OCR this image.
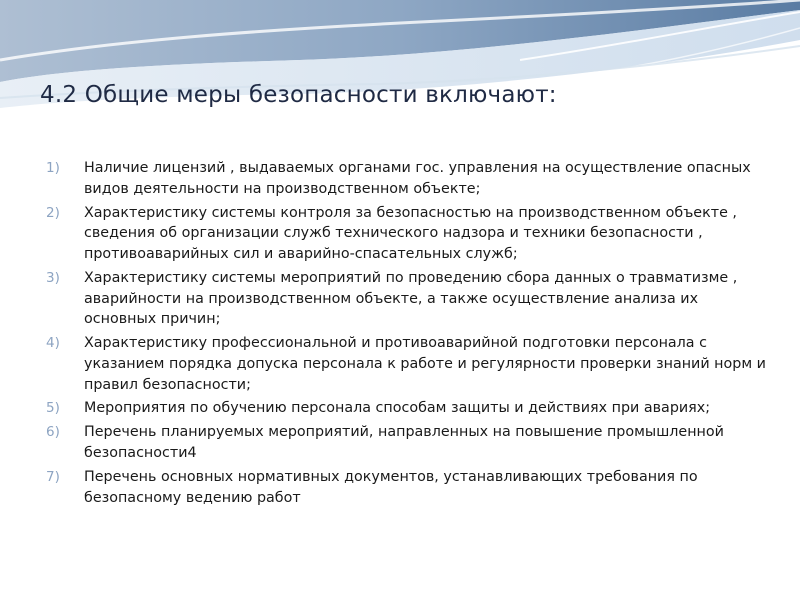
4.2 Общие меры безопасности включают:
1)	Наличие лицензий , выдаваемых органами гос. управления на осуществление опасных видов деятельности на производственном объекте;
2)	Характеристику системы контроля за безопасностью на производственном объекте , сведения об организации служб технического надзора и техники безопасности , противоаварийных сил и аварийно-спасательных служб;
3)	Характеристику системы мероприятий по проведению сбора данных о травматизме , аварийности на производственном объекте, а также осуществление анализа их основных причин;
4)	Характеристику профессиональной и противоаварийной подготовки персонала с указанием порядка допуска персонала к работе и регулярности проверки знаний норм и правил безопасности;
5)	Мероприятия по обучению персонала способам защиты и действиях при авариях;
6)	Перечень планируемых мероприятий, направленных на повышение промышленной безопасности4
7)	Перечень основных нормативных документов, устанавливающих требования по безопасному ведению работ
